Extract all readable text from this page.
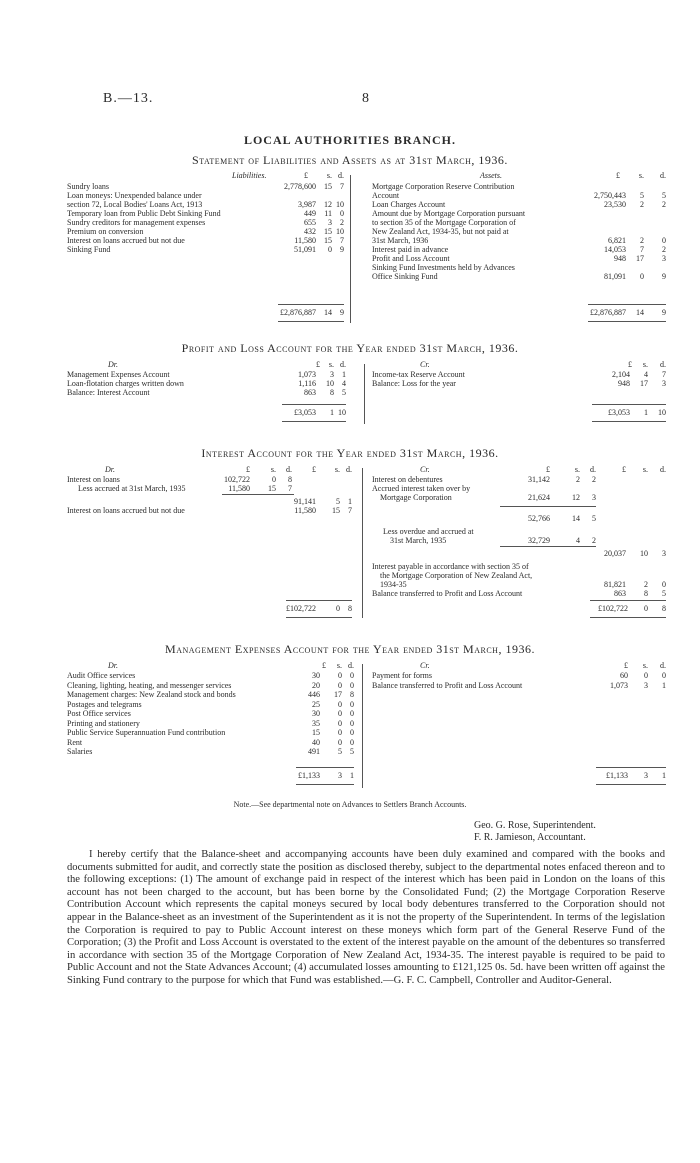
B.—13.	8
LOCAL AUTHORITIES BRANCH.
Statement of Liabilities and Assets as at 31st March, 1936.
Liabilities.	Assets.
£	s. d.	£	s.	d.
Sundry loans	2,778,600	15	7
Loan moneys: Unexpended balance under
section 72, Local Bodies' Loans Act, 1913	3,987	12 10
Temporary loan from Public Debt Sinking Fund	449	11	0
Sundry creditors for management expenses	655	3	2
Premium on conversion	432	15 10
Interest on loans accrued but not due	11,580	15	7
Sinking Fund	51,091	0	9
Mortgage Corporation Reserve Contribution
Account	2,750,443	5	5
Loan Charges Account	23,530	2	2
Amount due by Mortgage Corporation pursuant
to section 35 of the Mortgage Corporation of
New Zealand Act, 1934-35, but not paid at
31st March, 1936	6,821	2	0
Interest paid in advance	14,053	7	2
Profit and Loss Account	948	17	3
Sinking Fund Investments held by Advances
Office Sinking Fund	81,091	0	9
£2,876,887	14	9	£2,876,887	14	9
Profit and Loss Account for the Year ended 31st March, 1936.
Dr.	Cr.
£	s. d.	£	s.	d.
Management Expenses Account	1,073	3	1
Loan-flotation charges written down	1,116	10	4
Balance: Interest Account	863	8	5
Income-tax Reserve Account	2,104	4	7
Balance: Loss for the year	948	17	3
£3,053	1 10	£3,053	1	10
Interest Account for the Year ended 31st March, 1936.
Dr.	Cr.
£	s.	d.	£	s. d.	£	s.	d.	£	s.	d.
Interest on loans	102,722	0	8
Less accrued at 31st March, 1935	11,580	15	7
91,141	5	1
Interest on loans accrued but not due	11,580	15	7
Interest on debentures	31,142	2	2
Accrued interest taken over by
Mortgage Corporation	21,624	12	3
52,766	14	5
Less overdue and accrued at
31st March, 1935	32,729	4	2
20,037	10	3
Interest payable in accordance with section 35 of
the Mortgage Corporation of New Zealand Act,
1934-35	81,821	2	0
Balance transferred to Profit and Loss Account	863	8	5
£102,722	0	8	£102,722	0	8
Management Expenses Account for the Year ended 31st March, 1936.
Dr.	Cr.
£	s. d.	£	s.	d.
Audit Office services	30	0	0
Cleaning, lighting, heating, and messenger services	20	0	0
Management charges: New Zealand stock and bonds	446	17	8
Postages and telegrams	25	0	0
Post Office services	30	0	0
Printing and stationery	35	0	0
Public Service Superannuation Fund contribution	15	0	0
Rent	40	0	0
Salaries	491	5	5
Payment for forms	60	0	0
Balance transferred to Profit and Loss Account	1,073	3	1
£1,133	3	1	£1,133	3	1
Note.—See departmental note on Advances to Settlers Branch Accounts.
Geo. G. Rose, Superintendent.
F. R. Jamieson, Accountant.
I hereby certify that the Balance-sheet and accompanying accounts have been duly examined and compared with the books and documents submitted for audit, and correctly state the position as disclosed thereby, subject to the departmental notes enfaced thereon and to the following exceptions: (1) The amount of exchange paid in respect of the interest which has been paid in London on the loans of this account has not been charged to the account, but has been borne by the Consolidated Fund; (2) the Mortgage Corporation Reserve Contribution Account which represents the capital moneys secured by local body debentures transferred to the Corporation should not appear in the Balance-sheet as an investment of the Superintendent as it is not the property of the Superintendent. In terms of the legislation the Corporation is required to pay to Public Account interest on these moneys which form part of the General Reserve Fund of the Corporation; (3) the Profit and Loss Account is overstated to the extent of the interest payable on the amount of the debentures so transferred in accordance with section 35 of the Mortgage Corporation of New Zealand Act, 1934-35. The interest payable is required to be paid to Public Account and not the State Advances Account; (4) accumulated losses amounting to £121,125 0s. 5d. have been written off against the Sinking Fund contrary to the purpose for which that Fund was established.—G. F. C. Campbell, Controller and Auditor-General.
